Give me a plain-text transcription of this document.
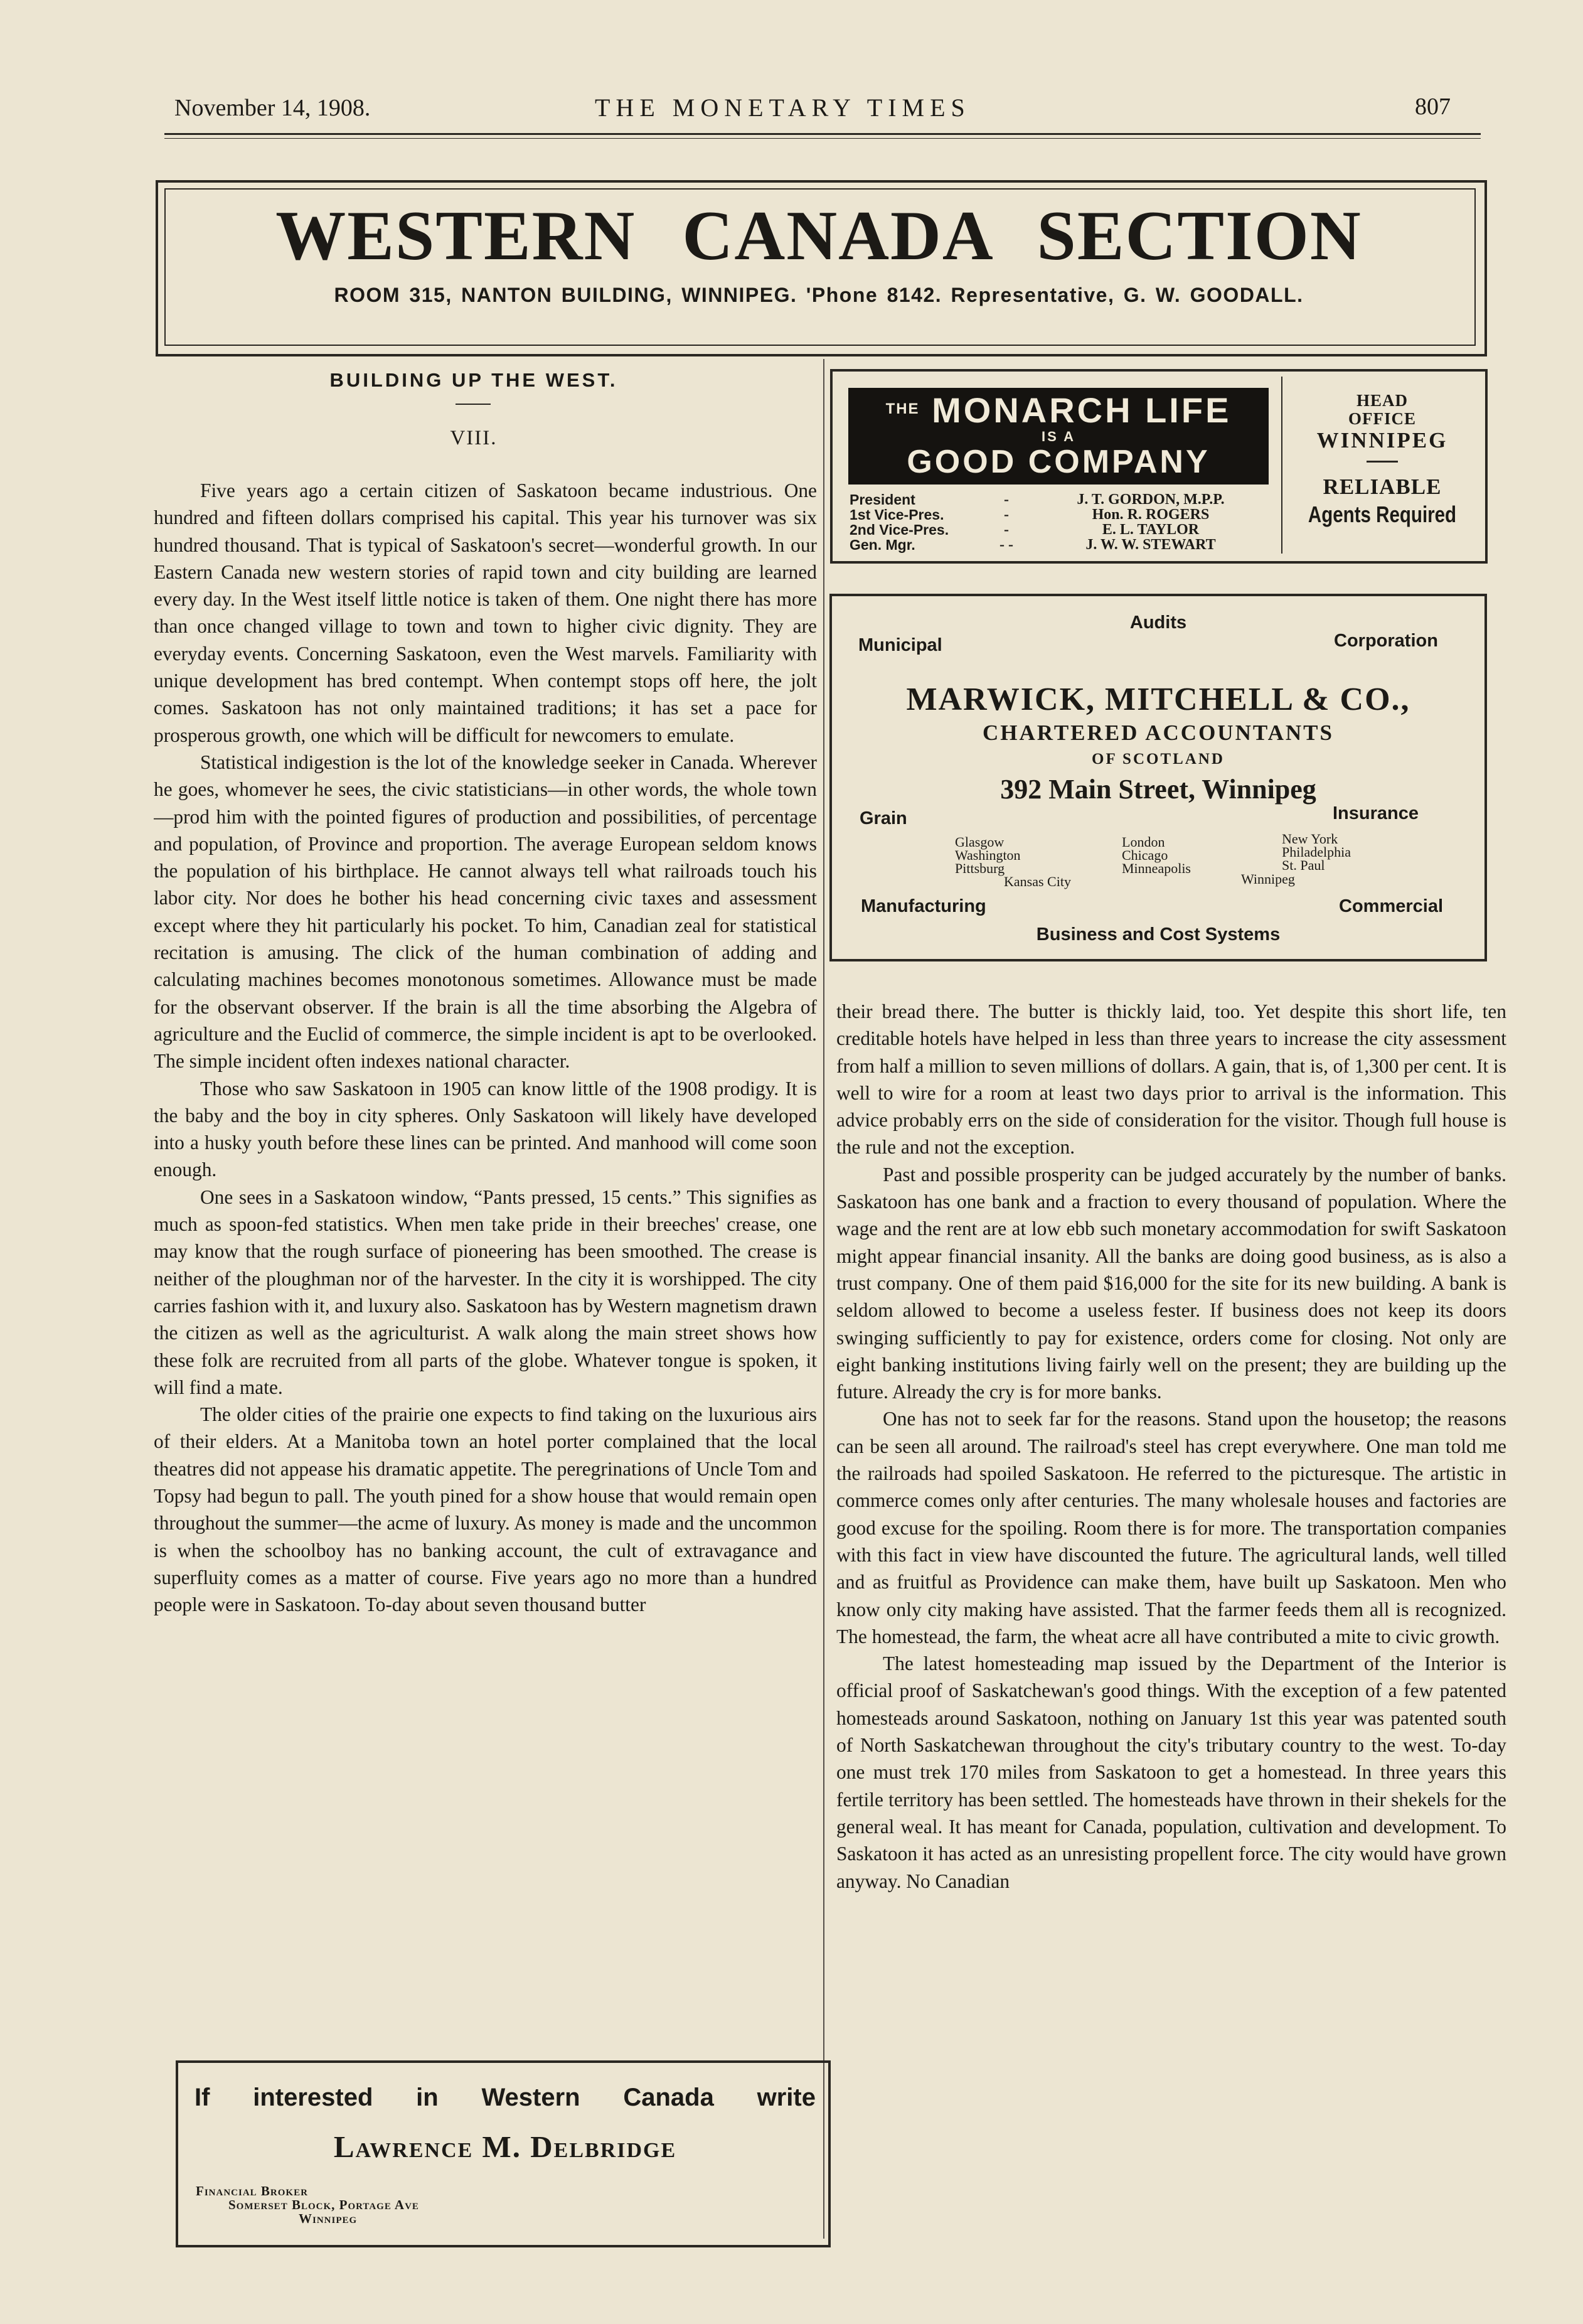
November 14, 1908.	THE MONETARY TIMES	807
WESTERN CANADA SECTION
ROOM 315, NANTON BUILDING, WINNIPEG. 'Phone 8142. Representative, G. W. GOODALL.
BUILDING UP THE WEST.
VIII.

Five years ago a certain citizen of Saskatoon became industrious. One hundred and fifteen dollars comprised his capital. This year his turnover was six hundred thousand. That is typical of Saskatoon's secret—wonderful growth. In our Eastern Canada new western stories of rapid town and city building are learned every day. In the West itself little notice is taken of them. One night there has more than once changed village to town and town to higher civic dignity. They are everyday events. Concerning Saskatoon, even the West marvels. Familiarity with unique development has bred contempt. When contempt stops off here, the jolt comes. Saskatoon has not only maintained traditions; it has set a pace for prosperous growth, one which will be difficult for newcomers to emulate.

Statistical indigestion is the lot of the knowledge seeker in Canada. Wherever he goes, whomever he sees, the civic statisticians—in other words, the whole town—prod him with the pointed figures of production and possibilities, of percentage and population, of Province and proportion. The average European seldom knows the population of his birthplace. He cannot always tell what railroads touch his labor city. Nor does he bother his head concerning civic taxes and assessment except where they hit particularly his pocket. To him, Canadian zeal for statistical recitation is amusing. The click of the human combination of adding and calculating machines becomes monotonous sometimes. Allowance must be made for the observant observer. If the brain is all the time absorbing the Algebra of agriculture and the Euclid of commerce, the simple incident is apt to be overlooked. The simple incident often indexes national character.

Those who saw Saskatoon in 1905 can know little of the 1908 prodigy. It is the baby and the boy in city spheres. Only Saskatoon will likely have developed into a husky youth before these lines can be printed. And manhood will come soon enough.

One sees in a Saskatoon window, “Pants pressed, 15 cents.” This signifies as much as spoon-fed statistics. When men take pride in their breeches' crease, one may know that the rough surface of pioneering has been smoothed. The crease is neither of the ploughman nor of the harvester. In the city it is worshipped. The city carries fashion with it, and luxury also. Saskatoon has by Western magnetism drawn the citizen as well as the agriculturist. A walk along the main street shows how these folk are recruited from all parts of the globe. Whatever tongue is spoken, it will find a mate.

The older cities of the prairie one expects to find taking on the luxurious airs of their elders. At a Manitoba town an hotel porter complained that the local theatres did not appease his dramatic appetite. The peregrinations of Uncle Tom and Topsy had begun to pall. The youth pined for a show house that would remain open throughout the summer—the acme of luxury. As money is made and the uncommon is when the schoolboy has no banking account, the cult of extravagance and superfluity comes as a matter of course. Five years ago no more than a hundred people were in Saskatoon. To-day about seven thousand butter

their bread there. The butter is thickly laid, too. Yet despite this short life, ten creditable hotels have helped in less than three years to increase the city assessment from half a million to seven millions of dollars. A gain, that is, of 1,300 per cent. It is well to wire for a room at least two days prior to arrival is the information. This advice probably errs on the side of consideration for the visitor. Though full house is the rule and not the exception.

Past and possible prosperity can be judged accurately by the number of banks. Saskatoon has one bank and a fraction to every thousand of population. Where the wage and the rent are at low ebb such monetary accommodation for swift Saskatoon might appear financial insanity. All the banks are doing good business, as is also a trust company. One of them paid $16,000 for the site for its new building. A bank is seldom allowed to become a useless fester. If business does not keep its doors swinging sufficiently to pay for existence, orders come for closing. Not only are eight banking institutions living fairly well on the present; they are building up the future. Already the cry is for more banks.

One has not to seek far for the reasons. Stand upon the housetop; the reasons can be seen all around. The railroad's steel has crept everywhere. One man told me the railroads had spoiled Saskatoon. He referred to the picturesque. The artistic in commerce comes only after centuries. The many wholesale houses and factories are good excuse for the spoiling. Room there is for more. The transportation companies with this fact in view have discounted the future. The agricultural lands, well tilled and as fruitful as Providence can make them, have built up Saskatoon. Men who know only city making have assisted. That the farmer feeds them all is recognized. The homestead, the farm, the wheat acre all have contributed a mite to civic growth.

The latest homesteading map issued by the Department of the Interior is official proof of Saskatchewan's good things. With the exception of a few patented homesteads around Saskatoon, nothing on January 1st this year was patented south of North Saskatchewan throughout the city's tributary country to the west. To-day one must trek 170 miles from Saskatoon to get a homestead. In three years this fertile territory has been settled. The homesteads have thrown in their shekels for the general weal. It has meant for Canada, population, cultivation and development. To Saskatoon it has acted as an unresisting propellent force. The city would have grown anyway. No Canadian

$^{THE}$ MONARCH LIFE
IS A
GOOD COMPANY
President	-	J. T. GORDON, M.P.P.
1st Vice-Pres.	-	Hon. R. ROGERS
2nd Vice-Pres.	-	E. L. TAYLOR
Gen. Mgr.	- -	J. W. W. STEWART
HEAD
OFFICE
WINNIPEG
RELIABLE
Agents Required
Audits
Municipal	Corporation
MARWICK, MITCHELL & CO.,
CHARTERED ACCOUNTANTS
OF SCOTLAND
392 Main Street, Winnipeg
Grain	Insurance
Glasgow
Washington
Pittsburg
Kansas City
London
Chicago
Minneapolis
New York
Philadelphia
St. Paul
Winnipeg
Manufacturing	Commercial
Business and Cost Systems
If interested in Western Canada write
Lawrence M. Delbridge
Financial Broker
Somerset Block, Portage Ave
Winnipeg
